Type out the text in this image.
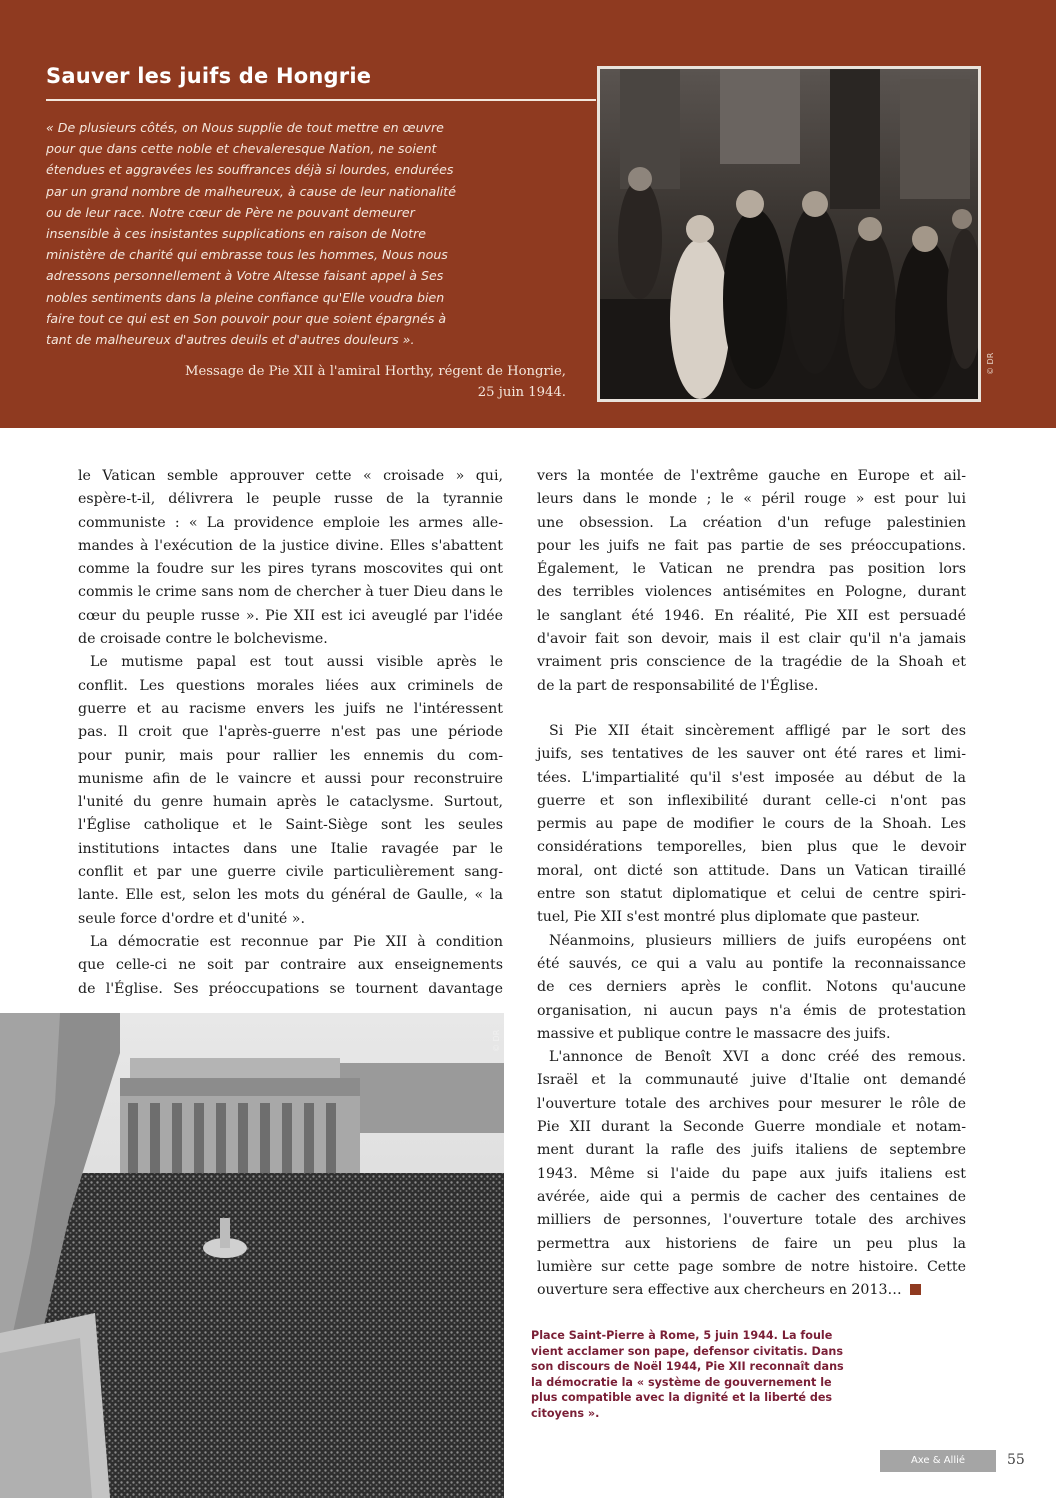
Sauver les juifs de Hongrie
« De plusieurs côtés, on Nous supplie de tout mettre en œuvre
pour que dans cette noble et chevaleresque Nation, ne soient
étendues et aggravées les souffrances déjà si lourdes, endurées
par un grand nombre de malheureux, à cause de leur nationalité
ou de leur race. Notre cœur de Père ne pouvant demeurer
insensible à ces insistantes supplications en raison de Notre
ministère de charité qui embrasse tous les hommes, Nous nous
adressons personnellement à Votre Altesse faisant appel à Ses
nobles sentiments dans la pleine confiance qu'Elle voudra bien
faire tout ce qui est en Son pouvoir pour que soient épargnés à
tant de malheureux d'autres deuils et d'autres douleurs ».
Message de Pie XII à l'amiral Horthy, régent de Hongrie,
25 juin 1944.
© DR

le Vatican semble approuver cette « croisade » qui,
espère-t-il, délivrera le peuple russe de la tyrannie
communiste : « La providence emploie les armes alle-
mandes à l'exécution de la justice divine. Elles s'abattent
comme la foudre sur les pires tyrans moscovites qui ont
commis le crime sans nom de chercher à tuer Dieu dans le
cœur du peuple russe ». Pie XII est ici aveuglé par l'idée
de croisade contre le bolchevisme.

Le mutisme papal est tout aussi visible après le
conflit. Les questions morales liées aux criminels de
guerre et au racisme envers les juifs ne l'intéressent
pas. Il croit que l'après-guerre n'est pas une période
pour punir, mais pour rallier les ennemis du com-
munisme afin de le vaincre et aussi pour reconstruire
l'unité du genre humain après le cataclysme. Surtout,
l'Église catholique et le Saint-Siège sont les seules
institutions intactes dans une Italie ravagée par le
conflit et par une guerre civile particulièrement sang-
lante. Elle est, selon les mots du général de Gaulle, « la
seule force d'ordre et d'unité ».

La démocratie est reconnue par Pie XII à condition
que celle-ci ne soit par contraire aux enseignements
de l'Église. Ses préoccupations se tournent davantage

vers la montée de l'extrême gauche en Europe et ail-
leurs dans le monde ; le « péril rouge » est pour lui
une obsession. La création d'un refuge palestinien
pour les juifs ne fait pas partie de ses préoccupations.
Également, le Vatican ne prendra pas position lors
des terribles violences antisémites en Pologne, durant
le sanglant été 1946. En réalité, Pie XII est persuadé
d'avoir fait son devoir, mais il est clair qu'il n'a jamais
vraiment pris conscience de la tragédie de la Shoah et
de la part de responsabilité de l'Église.

Si Pie XII était sincèrement affligé par le sort des
juifs, ses tentatives de les sauver ont été rares et limi-
tées. L'impartialité qu'il s'est imposée au début de la
guerre et son inflexibilité durant celle-ci n'ont pas
permis au pape de modifier le cours de la Shoah. Les
considérations temporelles, bien plus que le devoir
moral, ont dicté son attitude. Dans un Vatican tiraillé
entre son statut diplomatique et celui de centre spiri-
tuel, Pie XII s'est montré plus diplomate que pasteur.

Néanmoins, plusieurs milliers de juifs européens ont
été sauvés, ce qui a valu au pontife la reconnaissance
de ces derniers après le conflit. Notons qu'aucune
organisation, ni aucun pays n'a émis de protestation
massive et publique contre le massacre des juifs.

L'annonce de Benoît XVI a donc créé des remous.
Israël et la communauté juive d'Italie ont demandé
l'ouverture totale des archives pour mesurer le rôle de
Pie XII durant la Seconde Guerre mondiale et notam-
ment durant la rafle des juifs italiens de septembre
1943. Même si l'aide du pape aux juifs italiens est
avérée, aide qui a permis de cacher des centaines de
milliers de personnes, l'ouverture totale des archives
permettra aux historiens de faire un peu plus la
lumière sur cette page sombre de notre histoire. Cette
ouverture sera effective aux chercheurs en 2013…

© DR
Place Saint-Pierre à Rome, 5 juin 1944. La foule
vient acclamer son pape, defensor civitatis. Dans
son discours de Noël 1944, Pie XII reconnaît dans
la démocratie la « système de gouvernement le
plus compatible avec la dignité et la liberté des
citoyens ».
Axe & Allié	55
